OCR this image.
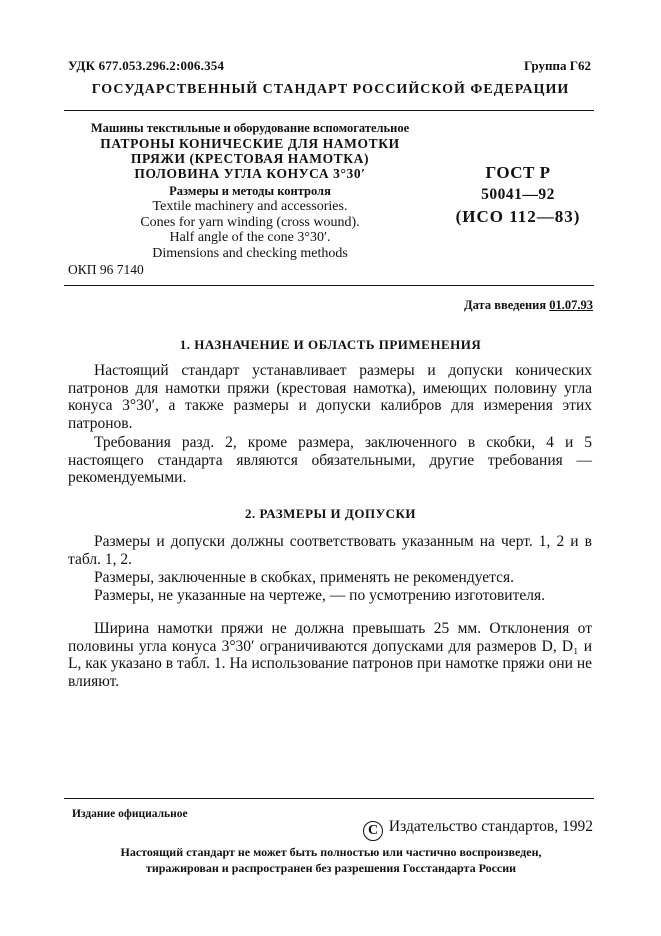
УДК 677.053.296.2:006.354	Группа Г62
ГОСУДАРСТВЕННЫЙ СТАНДАРТ РОССИЙСКОЙ ФЕДЕРАЦИИ
Машины текстильные и оборудование вспомогательное
ПАТРОНЫ КОНИЧЕСКИЕ ДЛЯ НАМОТКИ
ПРЯЖИ (КРЕСТОВАЯ НАМОТКА)
ПОЛОВИНА УГЛА КОНУСА 3°30′
Размеры и методы контроля

Textile machinery and accessories.

Cones for yarn winding (cross wound).

Half angle of the cone 3°30′.

Dimensions and checking methods

ГОСТ Р
50041—92
(ИСО 112—83)
ОКП 96 7140
Дата введения 01.07.93
1. НАЗНАЧЕНИЕ И ОБЛАСТЬ ПРИМЕНЕНИЯ

Настоящий стандарт устанавливает размеры и допуски конических патронов для намотки пряжи (крестовая намотка), имеющих половину угла конуса 3°30′, а также размеры и допуски калибров для измерения этих патронов.

Требования разд. 2, кроме размера, заключенного в скобки, 4 и 5 настоящего стандарта являются обязательными, другие требования — рекомендуемыми.

2. РАЗМЕРЫ И ДОПУСКИ

Размеры и допуски должны соответствовать указанным на черт. 1, 2 и в табл. 1, 2.

Размеры, заключенные в скобках, применять не рекомендуется.

Размеры, не указанные на чертеже, — по усмотрению изготовителя.

Ширина намотки пряжи не должна превышать 25 мм. Отклонения от половины угла конуса 3°30′ ограничиваются допусками для размеров D, D₁ и L, как указано в табл. 1. На использование патронов при намотке пряжи они не влияют.

Издание официальное
C Издательство стандартов, 1992
Настоящий стандарт не может быть полностью или частично воспроизведен,
тиражирован и распространен без разрешения Госстандарта России
